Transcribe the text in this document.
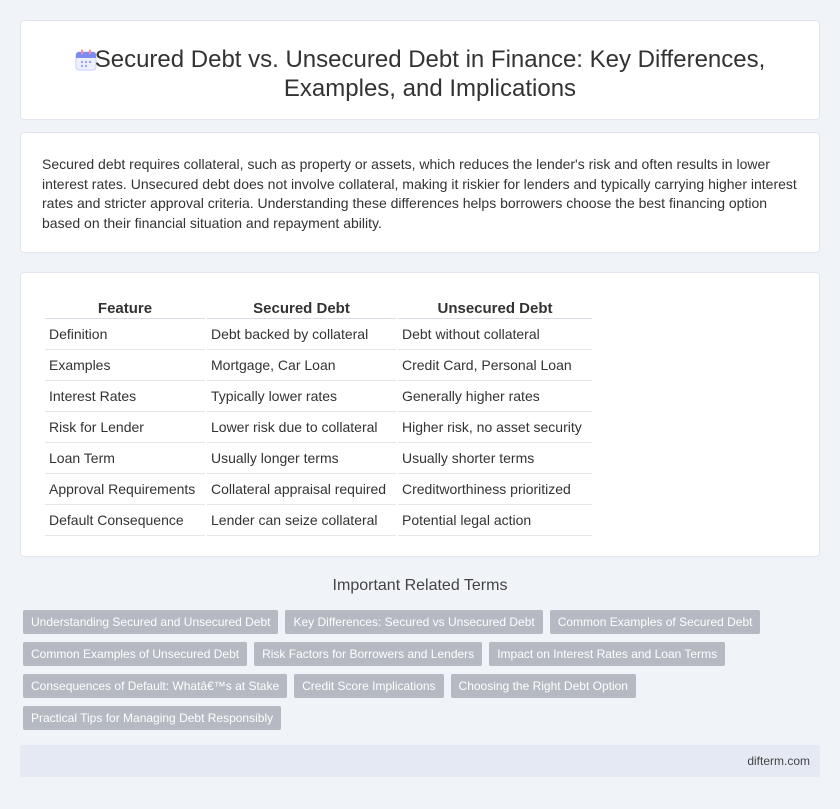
Secured Debt vs. Unsecured Debt in Finance: Key Differences, Examples, and Implications

Secured debt requires collateral, such as property or assets, which reduces the lender's risk and often results in lower interest rates. Unsecured debt does not involve collateral, making it riskier for lenders and typically carrying higher interest rates and stricter approval criteria. Understanding these differences helps borrowers choose the best financing option based on their financial situation and repayment ability.

Feature	Secured Debt	Unsecured Debt
Definition	Debt backed by collateral	Debt without collateral
Examples	Mortgage, Car Loan	Credit Card, Personal Loan
Interest Rates	Typically lower rates	Generally higher rates
Risk for Lender	Lower risk due to collateral	Higher risk, no asset security
Loan Term	Usually longer terms	Usually shorter terms
Approval Requirements	Collateral appraisal required	Creditworthiness prioritized
Default Consequence	Lender can seize collateral	Potential legal action
Important Related Terms
Understanding Secured and Unsecured Debt	Key Differences: Secured vs Unsecured Debt	Common Examples of Secured Debt
Common Examples of Unsecured Debt	Risk Factors for Borrowers and Lenders	Impact on Interest Rates and Loan Terms
Consequences of Default: Whatâ€™s at Stake	Credit Score Implications	Choosing the Right Debt Option
Practical Tips for Managing Debt Responsibly
difterm.com
